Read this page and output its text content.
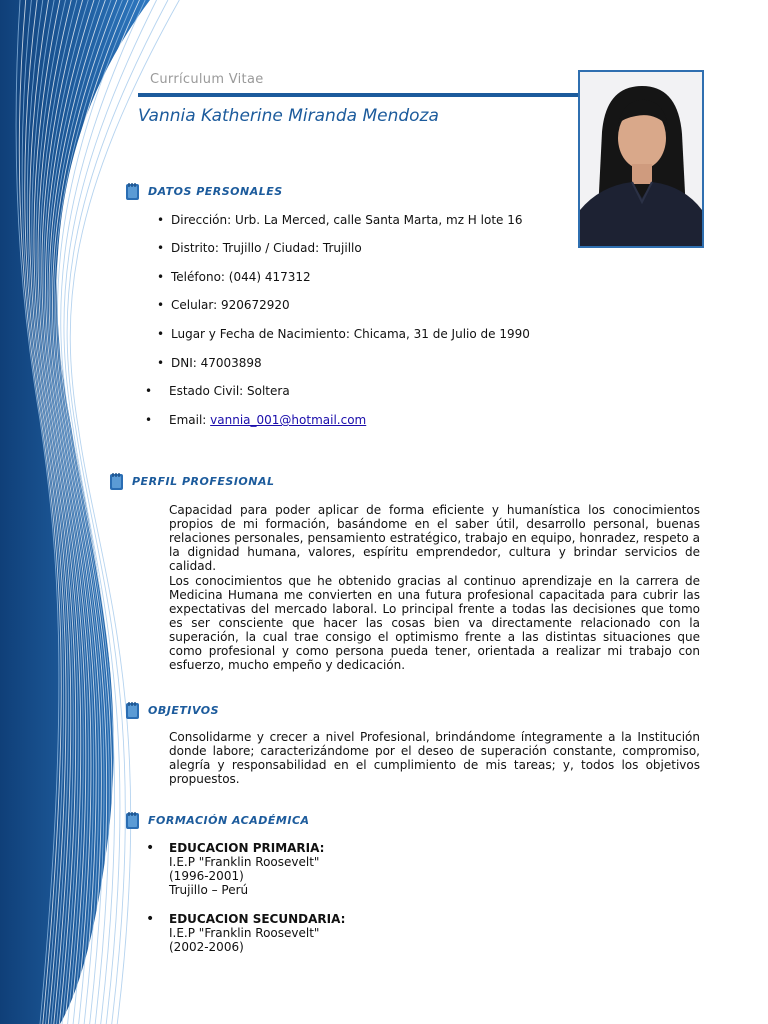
Currículum Vitae
Vannia Katherine Miranda Mendoza
DATOS PERSONALES
• Dirección: Urb. La Merced, calle Santa Marta, mz H lote 16
• Distrito: Trujillo / Ciudad: Trujillo
• Teléfono: (044) 417312
• Celular: 920672920
• Lugar y Fecha de Nacimiento: Chicama, 31 de Julio de 1990
• DNI: 47003898
• Estado Civil: Soltera
• Email: vannia_001@hotmail.com
PERFIL PROFESIONAL
Capacidad para poder aplicar de forma eficiente y humanística los conocimientos propios de mi formación, basándome en el saber útil, desarrollo personal, buenas relaciones personales, pensamiento estratégico, trabajo en equipo, honradez, respeto a la dignidad humana, valores, espíritu emprendedor, cultura y brindar servicios de calidad.
Los conocimientos que he obtenido gracias al continuo aprendizaje en la carrera de Medicina Humana me convierten en una futura profesional capacitada para cubrir las expectativas del mercado laboral. Lo principal frente a todas las decisiones que tomo es ser consciente que hacer las cosas bien va directamente relacionado con la superación, la cual trae consigo el optimismo frente a las distintas situaciones que como profesional y como persona pueda tener, orientada a realizar mi trabajo con esfuerzo, mucho empeño y dedicación.
OBJETIVOS
Consolidarme y crecer a nivel Profesional, brindándome íntegramente a la Institución donde labore; caracterizándome por el deseo de superación constante, compromiso, alegría y responsabilidad en el cumplimiento de mis tareas; y, todos los objetivos propuestos.
FORMACIÓN ACADÉMICA
• EDUCACION PRIMARIA:
I.E.P "Franklin Roosevelt"
(1996-2001)
Trujillo – Perú
• EDUCACION SECUNDARIA:
I.E.P "Franklin Roosevelt"
(2002-2006)
